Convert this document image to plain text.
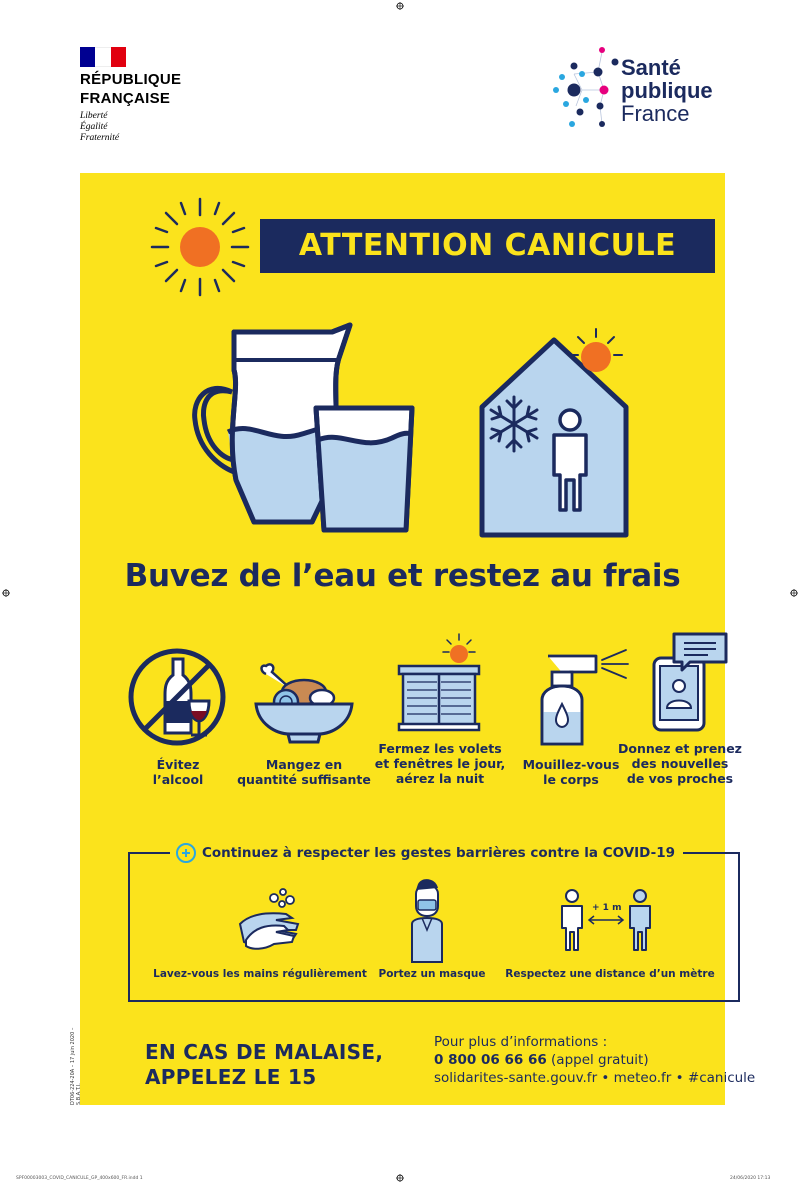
RÉPUBLIQUE
FRANÇAISE
Liberté
Égalité
Fraternité
Santé
publique
France
ATTENTION CANICULE
Buvez de l’eau et restez au frais
Évitez
l’alcool
Mangez en
quantité suffisante
Fermez les volets
et fenêtres le jour,
aérez la nuit
Mouillez-vous
le corps
Donnez et prenez
des nouvelles
de vos proches
Continuez à respecter les gestes barrières contre la COVID-19
+ 1 m
Lavez-vous les mains régulièrement	Portez un masque	Respectez une distance d’un mètre
EN CAS DE MALAISE,
APPELEZ LE 15
Pour plus d’informations :
0 800 06 66 66 (appel gratuit)
solidarites-sante.gouv.fr • meteo.fr • #canicule
DT06-224-20A – 17 juin 2020 – S.B.A.T.I.
SPF00003003_COVID_CANICULE_GP_400x600_FR.indd 1	24/06/2020 17:13
